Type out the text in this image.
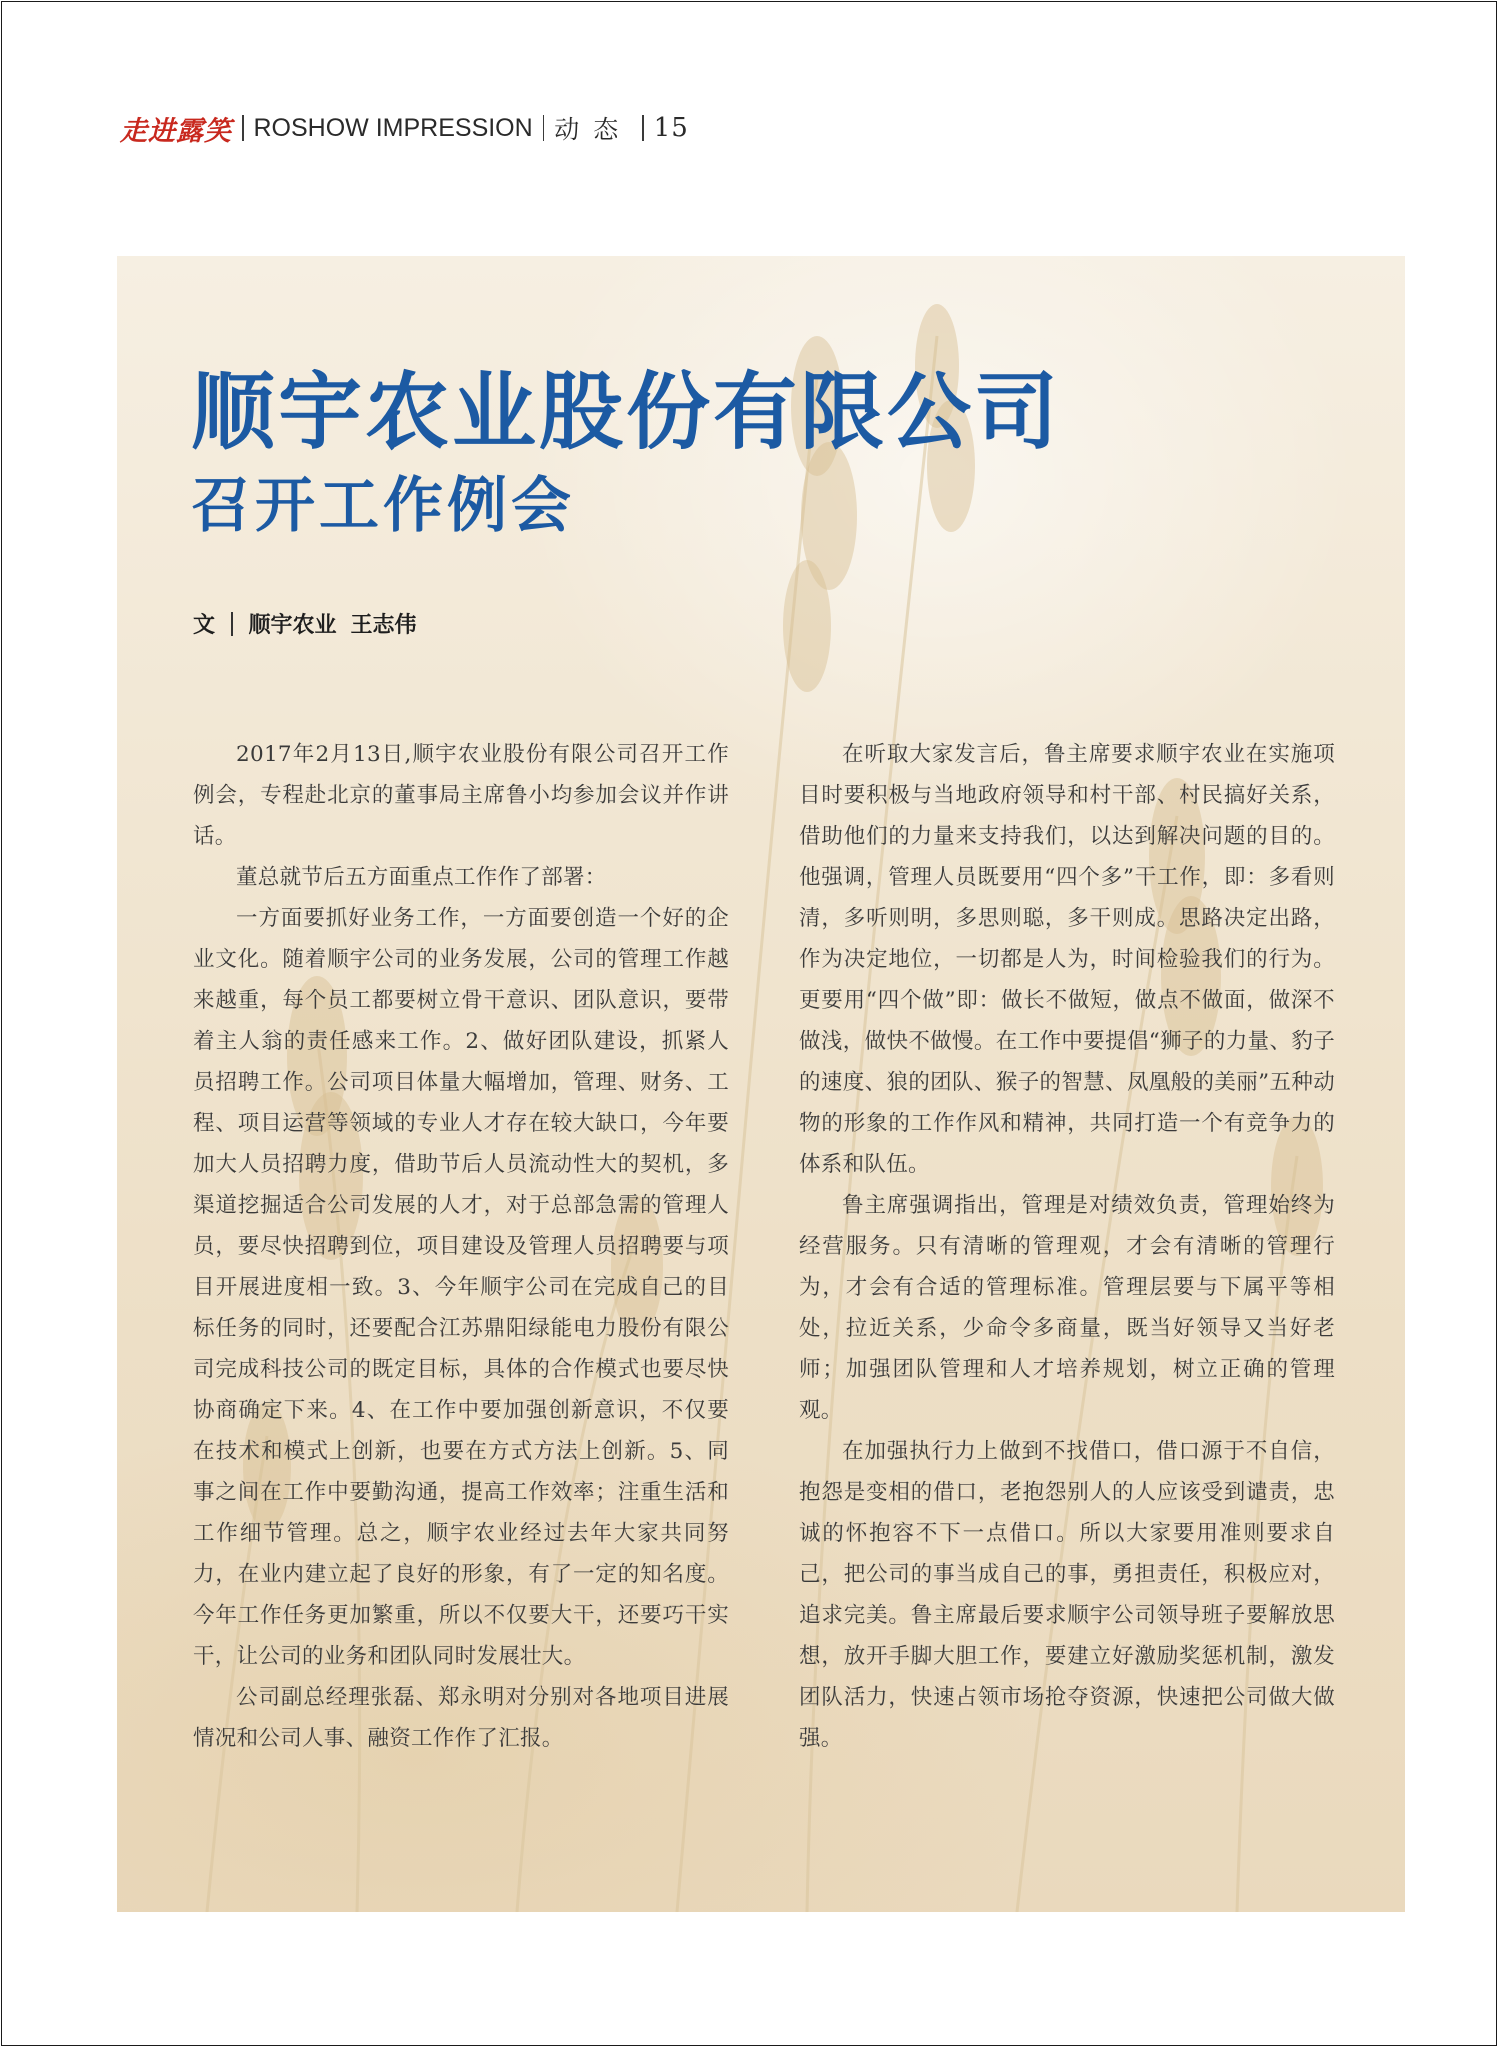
走进露笑 ROSHOW IMPRESSION 动态 15
顺宇农业股份有限公司
召开工作例会
文 顺宇农业 王志伟

2017年2月13日,顺宇农业股份有限公司召开工作例会，专程赴北京的董事局主席鲁小均参加会议并作讲话。

董总就节后五方面重点工作作了部署：

一方面要抓好业务工作，一方面要创造一个好的企业文化。随着顺宇公司的业务发展，公司的管理工作越来越重，每个员工都要树立骨干意识、团队意识，要带着主人翁的责任感来工作。2、做好团队建设，抓紧人员招聘工作。公司项目体量大幅增加，管理、财务、工程、项目运营等领域的专业人才存在较大缺口，今年要加大人员招聘力度，借助节后人员流动性大的契机，多渠道挖掘适合公司发展的人才，对于总部急需的管理人员，要尽快招聘到位，项目建设及管理人员招聘要与项目开展进度相一致。3、今年顺宇公司在完成自己的目标任务的同时，还要配合江苏鼎阳绿能电力股份有限公司完成科技公司的既定目标，具体的合作模式也要尽快协商确定下来。4、在工作中要加强创新意识，不仅要在技术和模式上创新，也要在方式方法上创新。5、同事之间在工作中要勤沟通，提高工作效率；注重生活和工作细节管理。总之，顺宇农业经过去年大家共同努力，在业内建立起了良好的形象，有了一定的知名度。今年工作任务更加繁重，所以不仅要大干，还要巧干实干，让公司的业务和团队同时发展壮大。

公司副总经理张磊、郑永明对分别对各地项目进展情况和公司人事、融资工作作了汇报。

在听取大家发言后，鲁主席要求顺宇农业在实施项目时要积极与当地政府领导和村干部、村民搞好关系，借助他们的力量来支持我们，以达到解决问题的目的。他强调，管理人员既要用“四个多”干工作，即：多看则清，多听则明，多思则聪，多干则成。思路决定出路，作为决定地位，一切都是人为，时间检验我们的行为。更要用“四个做”即：做长不做短，做点不做面，做深不做浅，做快不做慢。在工作中要提倡“狮子的力量、豹子的速度、狼的团队、猴子的智慧、凤凰般的美丽”五种动物的形象的工作作风和精神，共同打造一个有竞争力的体系和队伍。

鲁主席强调指出，管理是对绩效负责，管理始终为经营服务。只有清晰的管理观，才会有清晰的管理行为，才会有合适的管理标准。管理层要与下属平等相处，拉近关系，少命令多商量，既当好领导又当好老师；加强团队管理和人才培养规划，树立正确的管理观。

在加强执行力上做到不找借口，借口源于不自信，抱怨是变相的借口，老抱怨别人的人应该受到谴责，忠诚的怀抱容不下一点借口。所以大家要用准则要求自己，把公司的事当成自己的事，勇担责任，积极应对，追求完美。鲁主席最后要求顺宇公司领导班子要解放思想，放开手脚大胆工作，要建立好激励奖惩机制，激发团队活力，快速占领市场抢夺资源，快速把公司做大做强。
